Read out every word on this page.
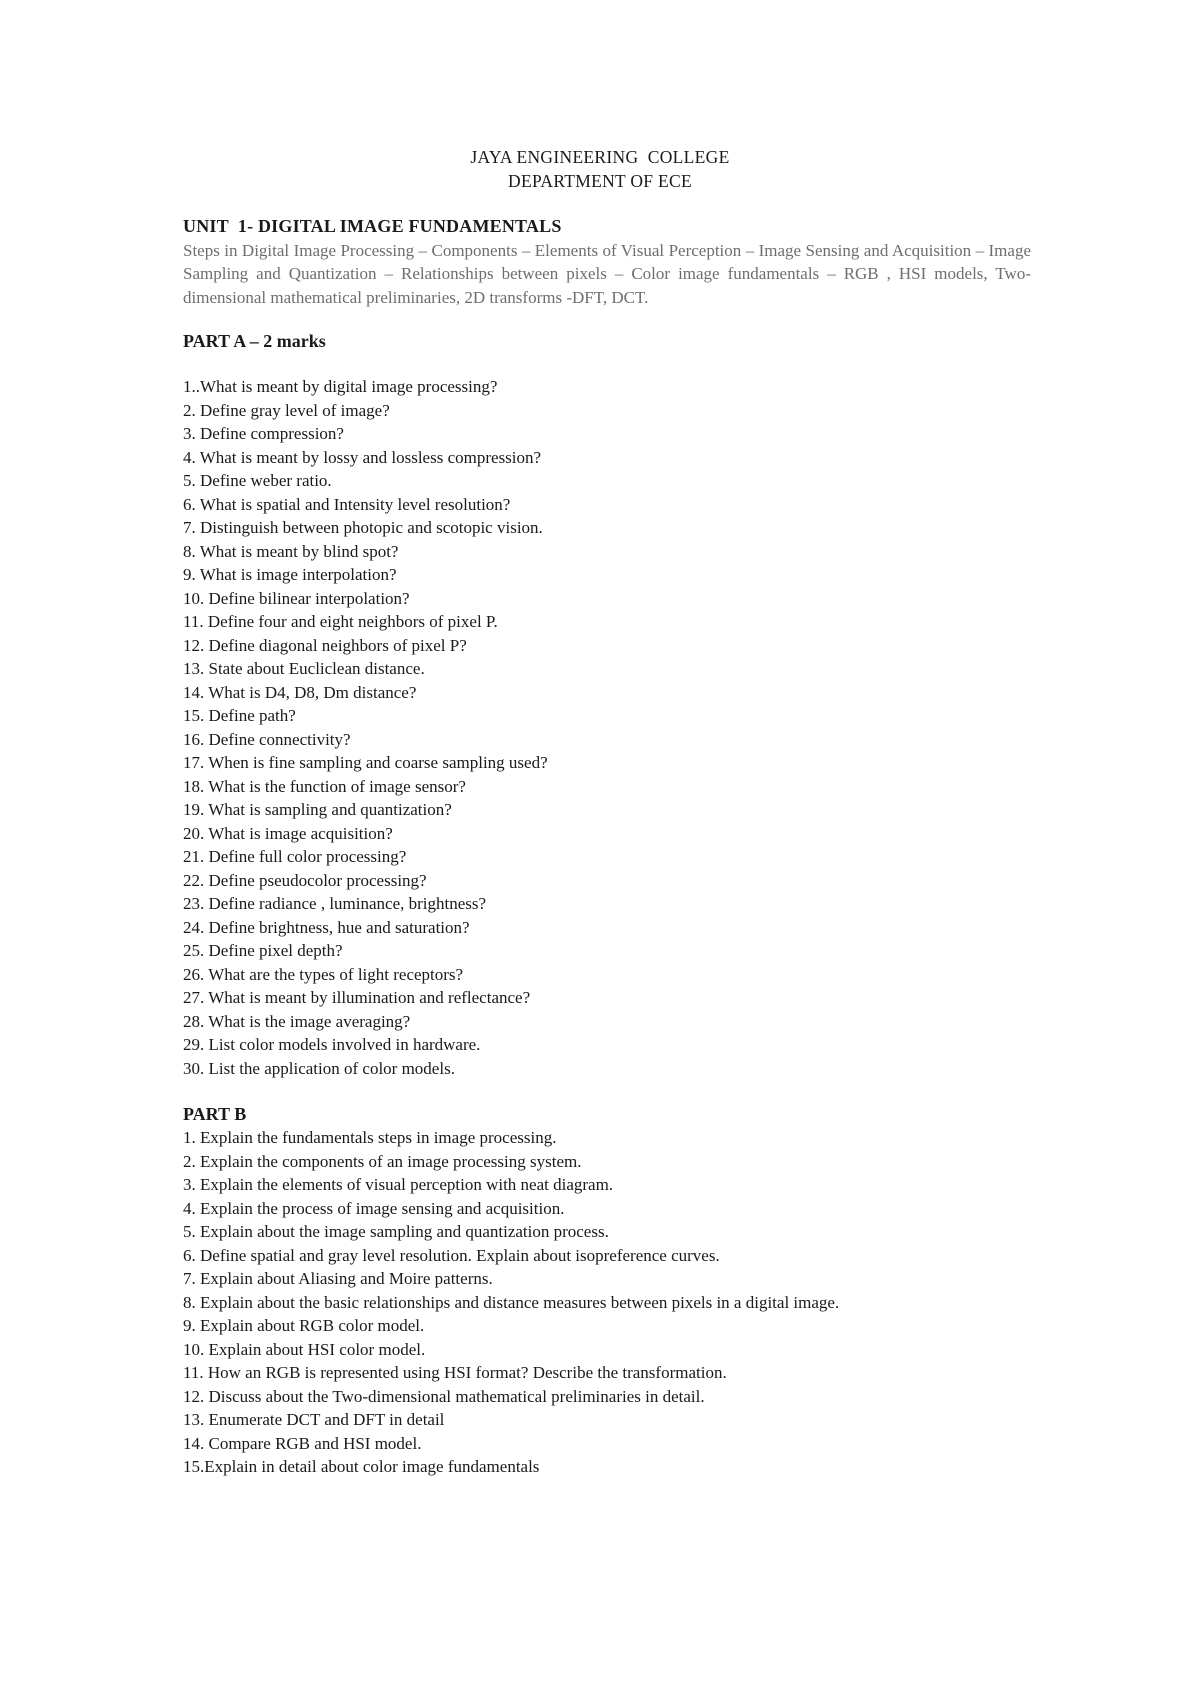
JAYA ENGINEERING  COLLEGE
DEPARTMENT OF ECE
UNIT  1- DIGITAL IMAGE FUNDAMENTALS
Steps in Digital Image Processing – Components – Elements of Visual Perception – Image Sensing and Acquisition – Image Sampling and Quantization – Relationships between pixels – Color image fundamentals – RGB , HSI models, Two-dimensional mathematical preliminaries, 2D transforms -DFT, DCT.
PART A – 2 marks
1..What is meant by digital image processing?
2. Define gray level of image?
3. Define compression?
4. What is meant by lossy and lossless compression?
5. Define weber ratio.
6. What is spatial and Intensity level resolution?
7. Distinguish between photopic and scotopic vision.
8. What is meant by blind spot?
9. What is image interpolation?
10. Define bilinear interpolation?
11. Define four and eight neighbors of pixel P.
12. Define diagonal neighbors of pixel P?
13. State about Eucliclean distance.
14. What is D4, D8, Dm distance?
15. Define path?
16. Define connectivity?
17. When is fine sampling and coarse sampling used?
18. What is the function of image sensor?
19. What is sampling and quantization?
20. What is image acquisition?
21. Define full color processing?
22. Define pseudocolor processing?
23. Define radiance , luminance, brightness?
24. Define brightness, hue and saturation?
25. Define pixel depth?
26. What are the types of light receptors?
27. What is meant by illumination and reflectance?
28. What is the image averaging?
29. List color models involved in hardware.
30. List the application of color models.
PART B
1. Explain the fundamentals steps in image processing.
2. Explain the components of an image processing system.
3. Explain the elements of visual perception with neat diagram.
4. Explain the process of image sensing and acquisition.
5. Explain about the image sampling and quantization process.
6. Define spatial and gray level resolution. Explain about isopreference curves.
7. Explain about Aliasing and Moire patterns.
8. Explain about the basic relationships and distance measures between pixels in a digital image.
9. Explain about RGB color model.
10. Explain about HSI color model.
11. How an RGB is represented using HSI format? Describe the transformation.
12. Discuss about the Two-dimensional mathematical preliminaries in detail.
13. Enumerate DCT and DFT in detail
14. Compare RGB and HSI model.
15.Explain in detail about color image fundamentals
